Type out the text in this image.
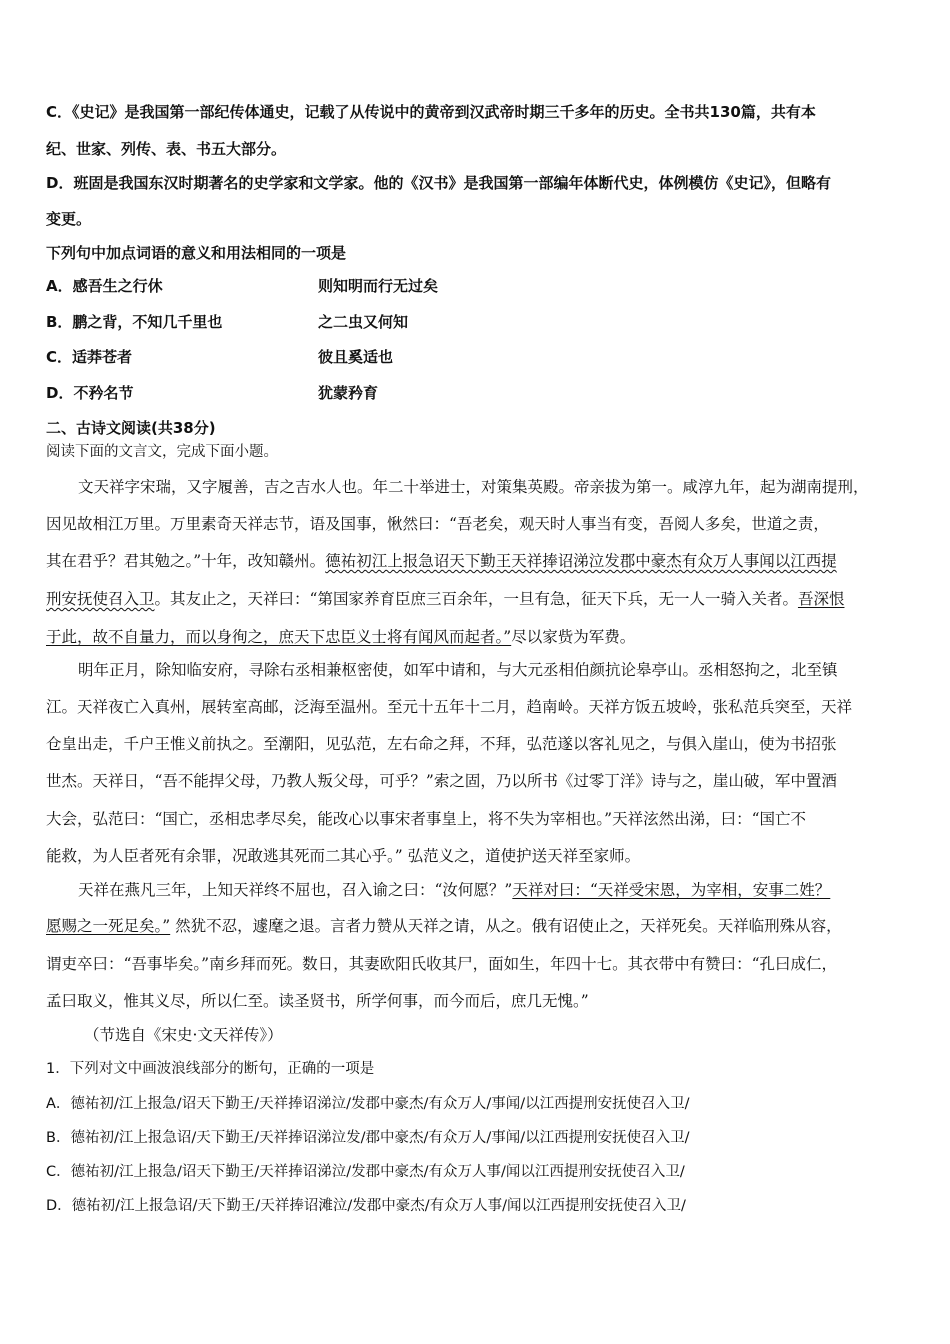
C．《史记》是我国第一部纪传体通史，记载了从传说中的黄帝到汉武帝时期三千多年的历史。全书共130篇，共有本
纪、世家、列传、表、书五大部分。
D．班固是我国东汉时期著名的史学家和文学家。他的《汉书》是我国第一部编年体断代史，体例模仿《史记》，但略有
变更。
下列句中加点词语的意义和用法相同的一项是
A．感吾生之行休	则知明而行无过矣
B．鹏之背，不知几千里也	之二虫又何知
C．适莽苍者	彼且奚适也
D．不矜名节	犹蒙矜育
二、古诗文阅读(共38分)
阅读下面的文言文，完成下面小题。
文天祥字宋瑞，又字履善，吉之吉水人也。年二十举进士，对策集英殿。帝亲拔为第一。咸淳九年，起为湖南提刑，
因见故相江万里。万里素奇天祥志节，语及国事，愀然曰：“吾老矣，观天时人事当有变，吾阅人多矣，世道之责，
其在君乎？君其勉之。”十年，改知赣州。德祐初江上报急诏天下勤王天祥捧诏涕泣发郡中豪杰有众万人事闻以江西提
刑安抚使召入卫。其友止之，天祥曰：“第国家养育臣庶三百余年，一旦有急，征天下兵，无一人一骑入关者。吾深恨
于此，故不自量力，而以身徇之，庶天下忠臣义士将有闻风而起者。”尽以家赀为军费。
明年正月，除知临安府，寻除右丞相兼枢密使，如军中请和，与大元丞相伯颜抗论皋亭山。丞相怒拘之，北至镇
江。天祥夜亡入真州，展转室高邮，泛海至温州。至元十五年十二月，趋南岭。天祥方饭五坡岭，张私范兵突至，天祥
仓皇出走，千户王惟义前执之。至潮阳，见弘范，左右命之拜，不拜，弘范遂以客礼见之，与俱入崖山，使为书招张
世杰。天祥日，“吾不能捍父母，乃教人叛父母，可乎？”索之固，乃以所书《过零丁洋》诗与之，崖山破，军中置酒
大会，弘范曰：“国亡，丞相忠孝尽矣，能改心以事宋者事皇上，将不失为宰相也。”天祥泫然出涕，曰：“国亡不
能救，为人臣者死有余罪，况敢逃其死而二其心乎。” 弘范义之，道使护送天祥至家师。
天祥在燕凡三年，上知天祥终不屈也，召入谕之曰：“汝何愿？”天祥对曰：“天祥受宋恩，为宰相，安事二姓？
愿赐之一死足矣。” 然犹不忍，遽麾之退。言者力赞从天祥之请，从之。俄有诏使止之，天祥死矣。天祥临刑殊从容，
谓吏卒曰：“吾事毕矣。”南乡拜而死。数日，其妻欧阳氏收其尸，面如生，年四十七。其衣带中有赞曰：“孔曰成仁，
孟曰取义，惟其义尽，所以仁至。读圣贤书，所学何事，而今而后，庶几无愧。”
（节选自《宋史·文天祥传》）
1．下列对文中画波浪线部分的断句，正确的一项是
A．德祐初/江上报急/诏天下勤王/天祥捧诏涕泣/发郡中豪杰/有众万人/事闻/以江西提刑安抚使召入卫/
B．德祐初/江上报急诏/天下勤王/天祥捧诏涕泣发/郡中豪杰/有众万人/事闻/以江西提刑安抚使召入卫/
C．德祐初/江上报急/诏天下勤王/天祥捧诏涕泣/发郡中豪杰/有众万人事/闻以江西提刑安抚使召入卫/
D．德祐初/江上报急诏/天下勤王/天祥捧诏滩泣/发郡中豪杰/有众万人事/闻以江西提刑安抚使召入卫/
